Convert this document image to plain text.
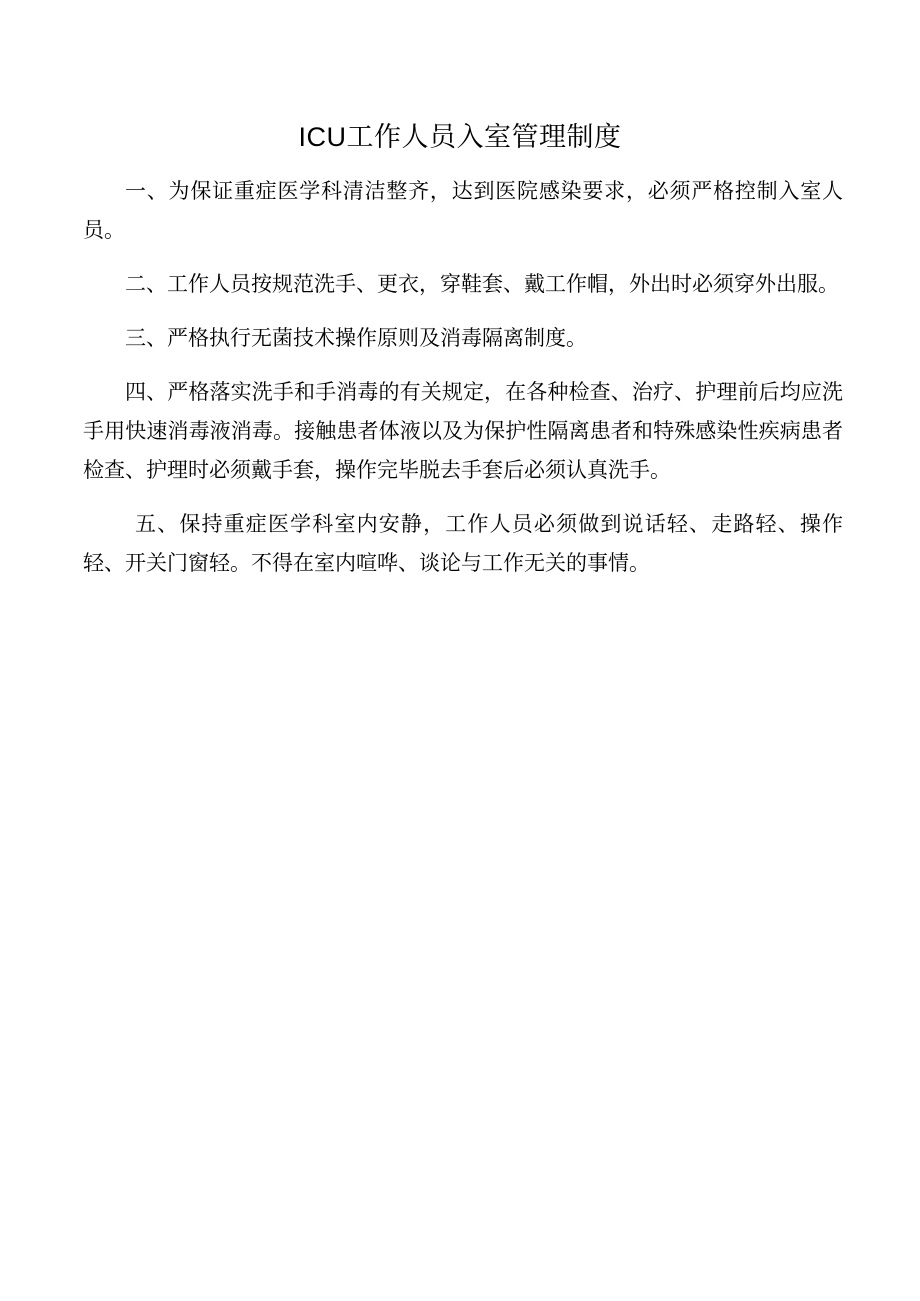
ICU工作人员入室管理制度

一、为保证重症医学科清洁整齐，达到医院感染要求，必须严格控制入室人员。

二、工作人员按规范洗手、更衣，穿鞋套、戴工作帽，外出时必须穿外出服。

三、严格执行无菌技术操作原则及消毒隔离制度。

四、严格落实洗手和手消毒的有关规定，在各种检查、治疗、护理前后均应洗手用快速消毒液消毒。接触患者体液以及为保护性隔离患者和特殊感染性疾病患者检查、护理时必须戴手套，操作完毕脱去手套后必须认真洗手。

五、保持重症医学科室内安静，工作人员必须做到说话轻、走路轻、操作轻、开关门窗轻。不得在室内喧哗、谈论与工作无关的事情。
